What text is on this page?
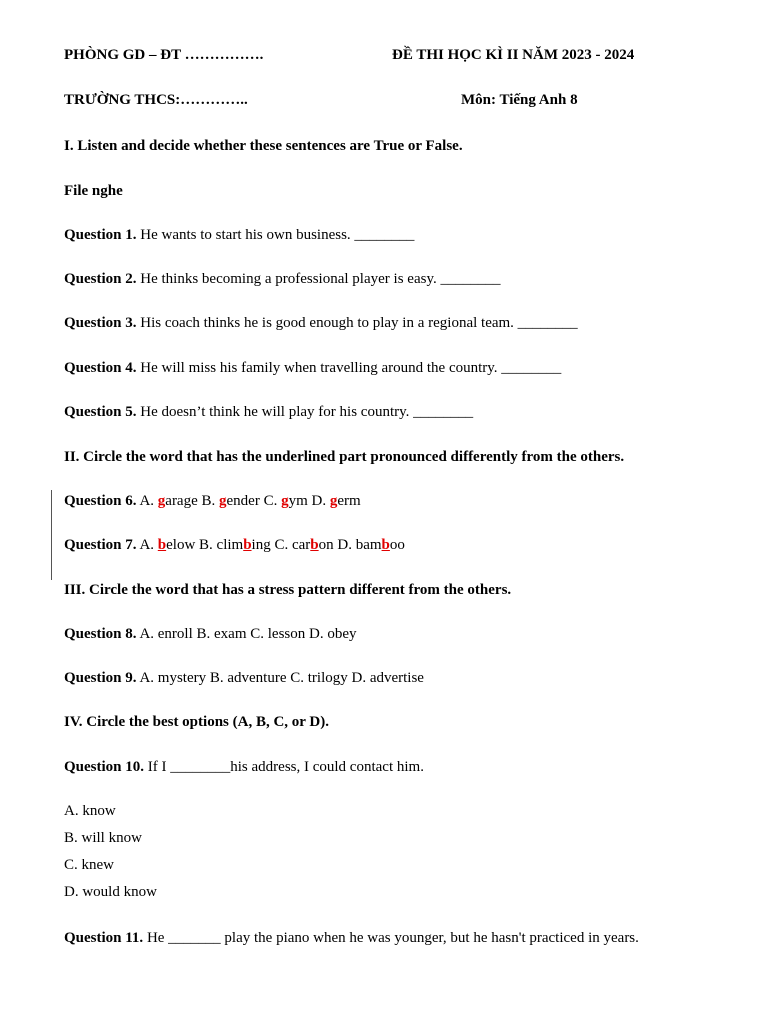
PHÒNG GD – ĐT …………….	ĐỀ THI HỌC KÌ II NĂM 2023 - 2024
TRƯỜNG THCS:…………..	Môn: Tiếng Anh 8
I. Listen and decide whether these sentences are True or False.
File nghe
Question 1. He wants to start his own business. ________
Question 2. He thinks becoming a professional player is easy. ________
Question 3. His coach thinks he is good enough to play in a regional team. ________
Question 4. He will miss his family when travelling around the country. ________
Question 5. He doesn’t think he will play for his country. ________
II. Circle the word that has the underlined part pronounced differently from the others.
Question 6. A. garage B. gender C. gym D. germ
Question 7. A. below B. climbing C. carbon D. bamboo
III. Circle the word that has a stress pattern different from the others.
Question 8. A. enroll B. exam C. lesson D. obey
Question 9. A. mystery B. adventure C. trilogy D. advertise
IV. Circle the best options (A, B, C, or D).
Question 10. If I ________his address, I could contact him.
A. know
B. will know
C. knew
D. would know
Question 11. He _______ play the piano when he was younger, but he hasn't practiced in years.
